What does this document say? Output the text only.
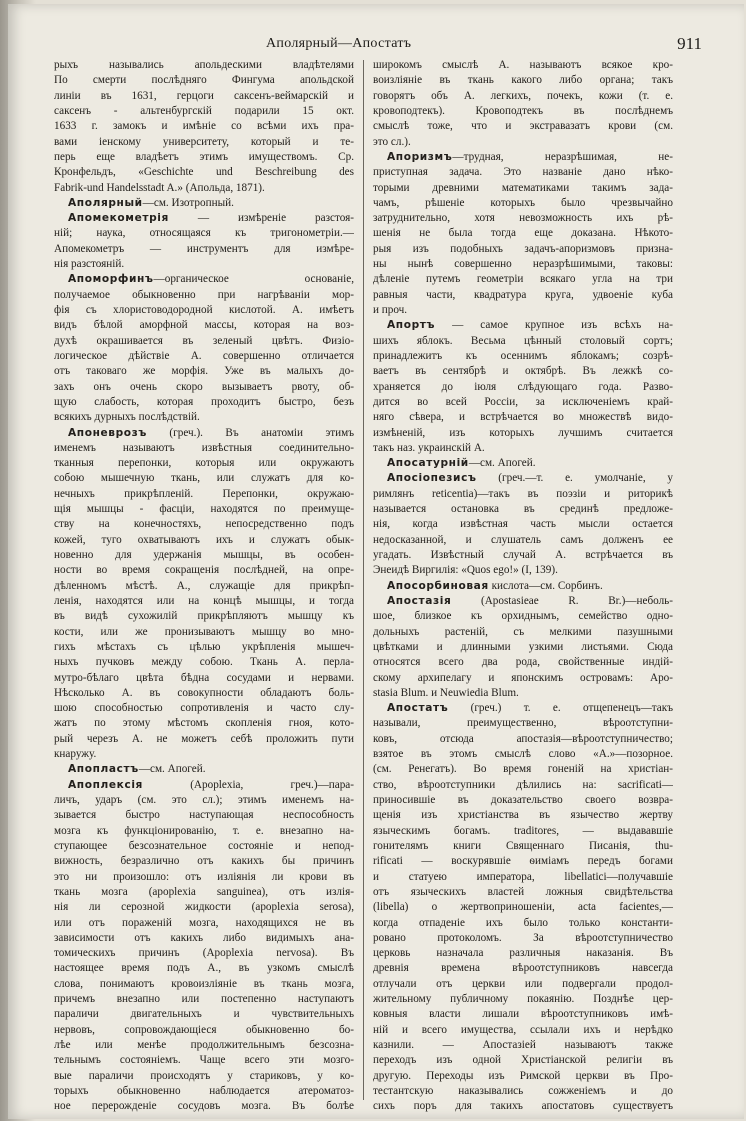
Аполярный—Апостатъ	911
рыхъ назывались апольдескими владѣтелями
По смерти послѣдняго Фингума апольдской
линіи въ 1631, герцоги саксенъ-веймарскій и
саксенъ - альтенбургскій подарили 15 окт.
1633 г. замокъ и имѣніе со всѣми ихъ пра-
вами іенскому университету, который и те-
перь еще владѣетъ этимъ имуществомъ. Ср.
Кронфельдъ, «Geschichte und Beschreibung des
Fabrik-und Handelsstadt A.» (Апольда, 1871).
Аполярный—см. Изотропный.
Апомекометрія — измѣреніе разстоя-
ній; наука, относящаяся къ тригонометріи.—
Апомекометръ — инструментъ для измѣре-
нія разстояній.
Апоморфинъ—органическое основаніе,
получаемое обыкновенно при нагрѣваніи мор-
фія съ хлористоводородной кислотой. А. имѣетъ
видъ бѣлой аморфной массы, которая на воз-
духѣ окрашивается въ зеленый цвѣтъ. Физіо-
логическое дѣйствіе А. совершенно отличается
отъ таковаго же морфія. Уже въ малыхъ до-
захъ онъ очень скоро вызываетъ рвоту, об-
щую слабость, которая проходитъ быстро, безъ
всякихъ дурныхъ послѣдствій.
Апоневрозъ (греч.). Въ анатоміи этимъ
именемъ называютъ извѣстныя соединительно-
тканныя перепонки, которыя или окружаютъ
собою мышечную ткань, или служатъ для ко-
нечныхъ прикрѣпленій. Перепонки, окружаю-
щія мышцы - фасціи, находятся по преимуще-
ству на конечностяхъ, непосредственно подъ
кожей, туго охватываютъ ихъ и служатъ обык-
новенно для удержанія мышцы, въ особен-
ности во время сокращенія послѣдней, на опре-
дѣленномъ мѣстѣ. А., служащіе для прикрѣп-
ленія, находятся или на концѣ мышцы, и тогда
въ видѣ сухожилій прикрѣпляютъ мышцу къ
кости, или же пронизываютъ мышцу во мно-
гихъ мѣстахъ съ цѣлью укрѣпленія мышеч-
ныхъ пучковъ между собою. Ткань А. перла-
мутро-бѣлаго цвѣта бѣдна сосудами и нервами.
Нѣсколько А. въ совокупности обладаютъ боль-
шою способностью сопротивленія и часто слу-
жатъ по этому мѣстомъ скопленія гноя, кото-
рый черезъ А. не можетъ себѣ проложить пути
кнаружу.
Апопластъ—см. Апогей.
Апоплексія (Apoplexia, греч.)—пара-
личъ, ударъ (см. это сл.); этимъ именемъ на-
зывается быстро наступающая неспособность
мозга къ функціонированію, т. е. внезапно на-
ступающее безсознательное состояніе и непод-
вижность, безразлично отъ какихъ бы причинъ
это ни произошло: отъ изліянія ли крови въ
ткань мозга (apoplexia sanguinea), отъ излія-
нія ли серозной жидкости (apoplexia serosa),
или отъ пораженій мозга, находящихся не въ
зависимости отъ какихъ либо видимыхъ ана-
томическихъ причинъ (Apoplexia nervosa). Въ
настоящее время подъ А., въ узкомъ смыслѣ
слова, понимаютъ кровоизліяніе въ ткань мозга,
причемъ внезапно или постепенно наступаютъ
параличи двигательныхъ и чувствительныхъ
нервовъ, сопровождающіеся обыкновенно бо-
лѣе или менѣе продолжительнымъ безсозна-
тельнымъ состояніемъ. Чаще всего эти мозго-
вые параличи происходятъ у стариковъ, у ко-
торыхъ обыкновенно наблюдается атероматоз-
ное перерожденіе сосудовъ мозга. Въ болѣе
широкомъ смыслѣ А. называютъ всякое кро-
воизліяніе въ ткань какого либо органа; такъ
говорятъ объ А. легкихъ, почекъ, кожи (т. е.
кровоподтекъ). Кровоподтекъ въ послѣднемъ
смыслѣ тоже, что и экстравазатъ крови (см.
это сл.).
Апоризмъ—трудная, неразрѣшимая, не-
приступная задача. Это названіе дано нѣко-
торыми древними математиками такимъ зада-
чамъ, рѣшеніе которыхъ было чрезвычайно
затруднительно, хотя невозможность ихъ рѣ-
шенія не была тогда еще доказана. Нѣкото-
рыя изъ подобныхъ задачъ-апоризмовъ призна-
ны нынѣ совершенно неразрѣшимыми, таковы:
дѣленіе путемъ геометріи всякаго угла на три
равныя части, квадратура круга, удвоеніе куба
и проч.
Апортъ — самое крупное изъ всѣхъ на-
шихъ яблокъ. Весьма цѣнный столовый сортъ;
принадлежитъ къ осеннимъ яблокамъ; созрѣ-
ваетъ въ сентябрѣ и октябрѣ. Въ лежкѣ со-
храняется до іюля слѣдующаго года. Разво-
дится во всей Россіи, за исключеніемъ край-
няго сѣвера, и встрѣчается во множествѣ видо-
измѣненій, изъ которыхъ лучшимъ считается
такъ наз. украинскій А.
Апосатурній—см. Апогей.
Апосіопезисъ (греч.—т. е. умолчаніе, у
римлянъ reticentia)—такъ въ поэзіи и риторикѣ
называется остановка въ срединѣ предложе-
нія, когда извѣстная часть мысли остается
недосказанной, и слушатель самъ долженъ ее
угадать. Извѣстный случай А. встрѣчается въ
Энеидѣ Виргилія: «Quos ego!» (I, 139).
Апосорбиновая кислота—см. Сорбинъ.
Апостазія (Apostasieae R. Br.)—неболь-
шое, близкое къ орхиднымъ, семейство одно-
дольныхъ растеній, съ мелкими пазушными
цвѣтками и длинными узкими листьями. Сюда
относятся всего два рода, свойственные индій-
скому архипелагу и японскимъ островамъ: Apo-
stasia Blum. и Neuwiedia Blum.
Апостатъ (греч.) т. е. отщепенецъ—такъ
называли, преимущественно, вѣроотступни-
ковъ, отсюда апостазія—вѣроотступничество;
взятое въ этомъ смыслѣ слово «А.»—позорное.
(см. Ренегатъ). Во время гоненій на христіан-
ство, вѣроотступники дѣлились на: sacrificati—
приносившіе въ доказательство своего возвра-
щенія изъ христіанства въ язычество жертву
языческимъ богамъ. traditores, — выдававшіе
гонителямъ книги Священнаго Писанія, thu-
rificati — воскурявшіе ѳиміамъ передъ богами
и статуею императора, libellatici—получавшіе
отъ языческихъ властей ложныя свидѣтельства
(libella) о жертвоприношеніи, acta facientes,—
когда отпаденіе ихъ было только константи-
ровано протоколомъ. За вѣроотступничество
церковь назначала различныя наказанія. Въ
древнія времена вѣроотступниковъ навсегда
отлучали отъ церкви или подвергали продол-
жительному публичному покаянію. Позднѣе цер-
ковныя власти лишали вѣроотступниковъ имѣ-
ній и всего имущества, ссылали ихъ и нерѣдко
казнили. — Апостазіей называютъ также
переходъ изъ одной Христіанской религіи въ
другую. Переходы изъ Римской церкви въ Про-
тестантскую наказывались сожженіемъ и до
сихъ поръ для такихъ апостатовъ существуетъ
